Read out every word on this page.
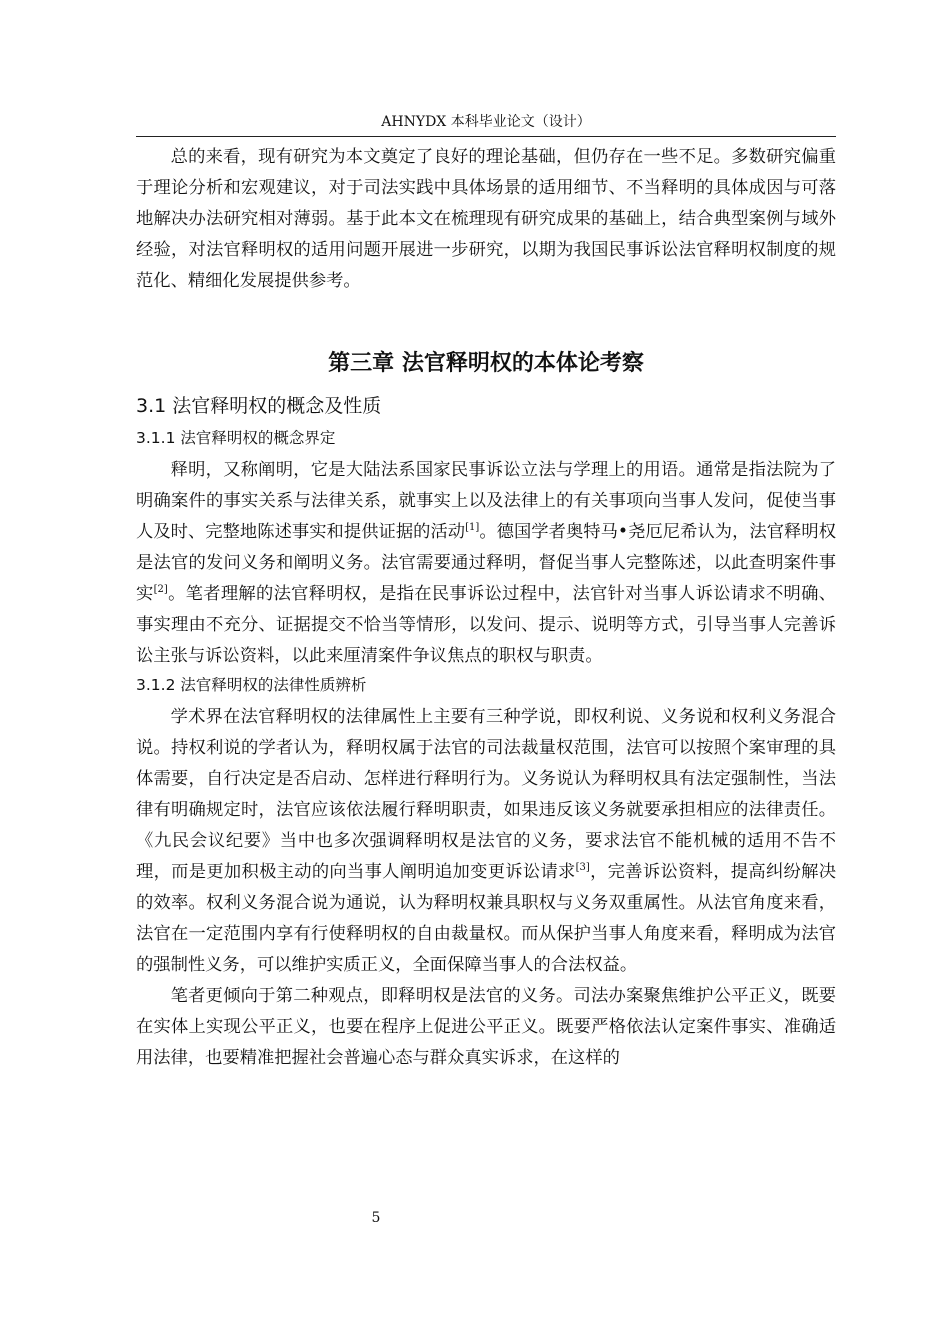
AHNYDX 本科毕业论文（设计）

总的来看，现有研究为本文奠定了良好的理论基础，但仍存在一些不足。多数研究偏重于理论分析和宏观建议，对于司法实践中具体场景的适用细节、不当释明的具体成因与可落地解决办法研究相对薄弱。基于此本文在梳理现有研究成果的基础上，结合典型案例与域外经验，对法官释明权的适用问题开展进一步研究，以期为我国民事诉讼法官释明权制度的规范化、精细化发展提供参考。

第三章 法官释明权的本体论考察
3.1 法官释明权的概念及性质
3.1.1 法官释明权的概念界定

释明，又称阐明，它是大陆法系国家民事诉讼立法与学理上的用语。通常是指法院为了明确案件的事实关系与法律关系，就事实上以及法律上的有关事项向当事人发问，促使当事人及时、完整地陈述事实和提供证据的活动[1]。德国学者奥特马•尧厄尼希认为，法官释明权是法官的发问义务和阐明义务。法官需要通过释明，督促当事人完整陈述，以此查明案件事实[2]。笔者理解的法官释明权，是指在民事诉讼过程中，法官针对当事人诉讼请求不明确、事实理由不充分、证据提交不恰当等情形，以发问、提示、说明等方式，引导当事人完善诉讼主张与诉讼资料，以此来厘清案件争议焦点的职权与职责。

3.1.2 法官释明权的法律性质辨析

学术界在法官释明权的法律属性上主要有三种学说，即权利说、义务说和权利义务混合说。持权利说的学者认为，释明权属于法官的司法裁量权范围，法官可以按照个案审理的具体需要，自行决定是否启动、怎样进行释明行为。义务说认为释明权具有法定强制性，当法律有明确规定时，法官应该依法履行释明职责，如果违反该义务就要承担相应的法律责任。《九民会议纪要》当中也多次强调释明权是法官的义务，要求法官不能机械的适用不告不理，而是更加积极主动的向当事人阐明追加变更诉讼请求[3]，完善诉讼资料，提高纠纷解决的效率。权利义务混合说为通说，认为释明权兼具职权与义务双重属性。从法官角度来看，法官在一定范围内享有行使释明权的自由裁量权。而从保护当事人角度来看，释明成为法官的强制性义务，可以维护实质正义，全面保障当事人的合法权益。

笔者更倾向于第二种观点，即释明权是法官的义务。司法办案聚焦维护公平正义，既要在实体上实现公平正义，也要在程序上促进公平正义。既要严格依法认定案件事实、准确适用法律，也要精准把握社会普遍心态与群众真实诉求，在这样的

5
